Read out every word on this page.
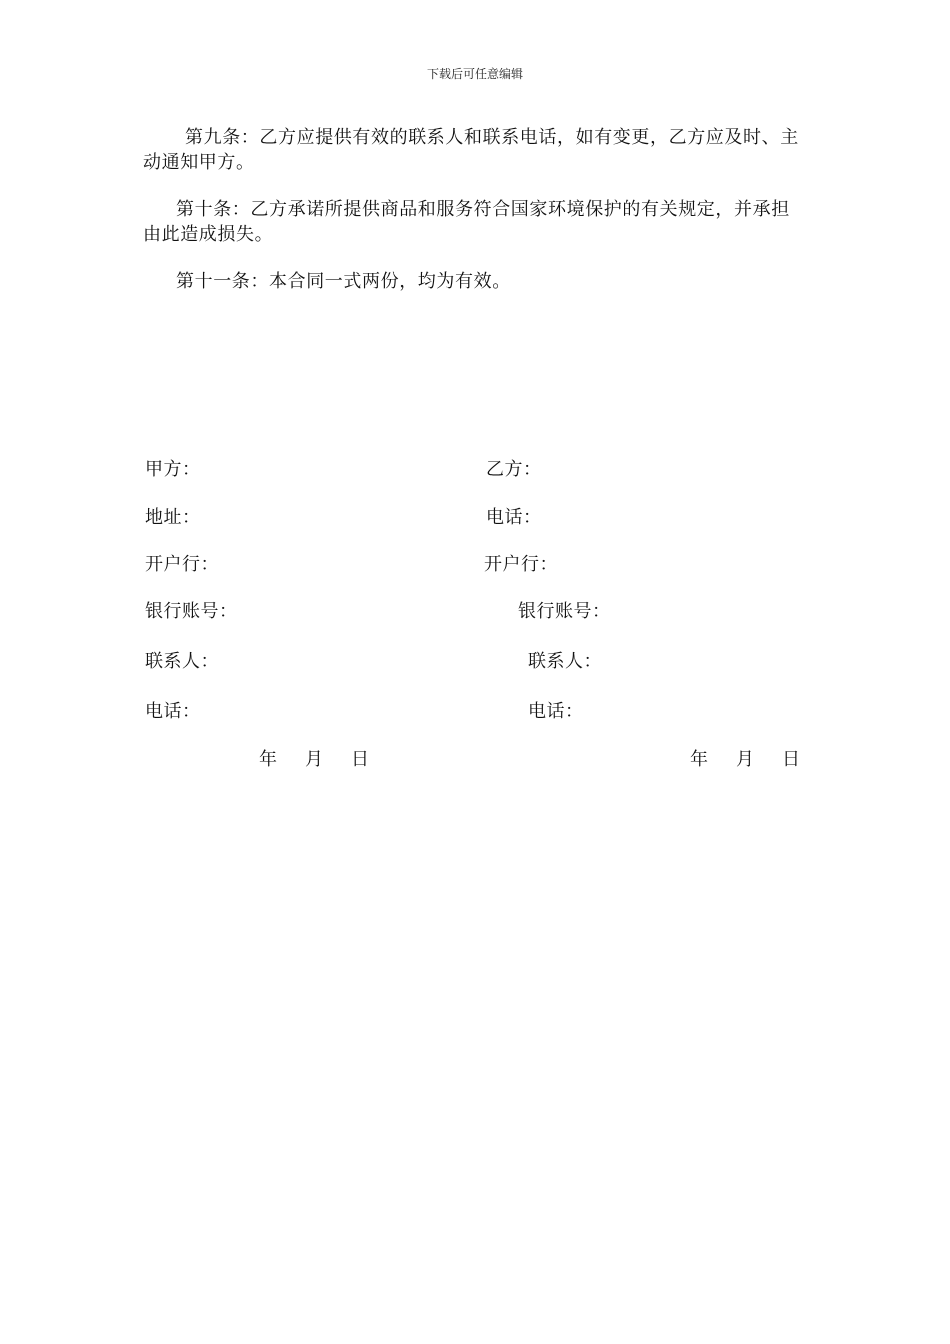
下载后可任意编辑
第九条：乙方应提供有效的联系人和联系电话，如有变更，乙方应及时、主动通知甲方。
第十条：乙方承诺所提供商品和服务符合国家环境保护的有关规定，并承担由此造成损失。
第十一条：本合同一式两份，均为有效。
甲方：
地址：
开户行：
银行账号：
联系人：
电话：
乙方：
电话：
开户行：
银行账号：
联系人：
电话：
年 月 日	年 月 日
